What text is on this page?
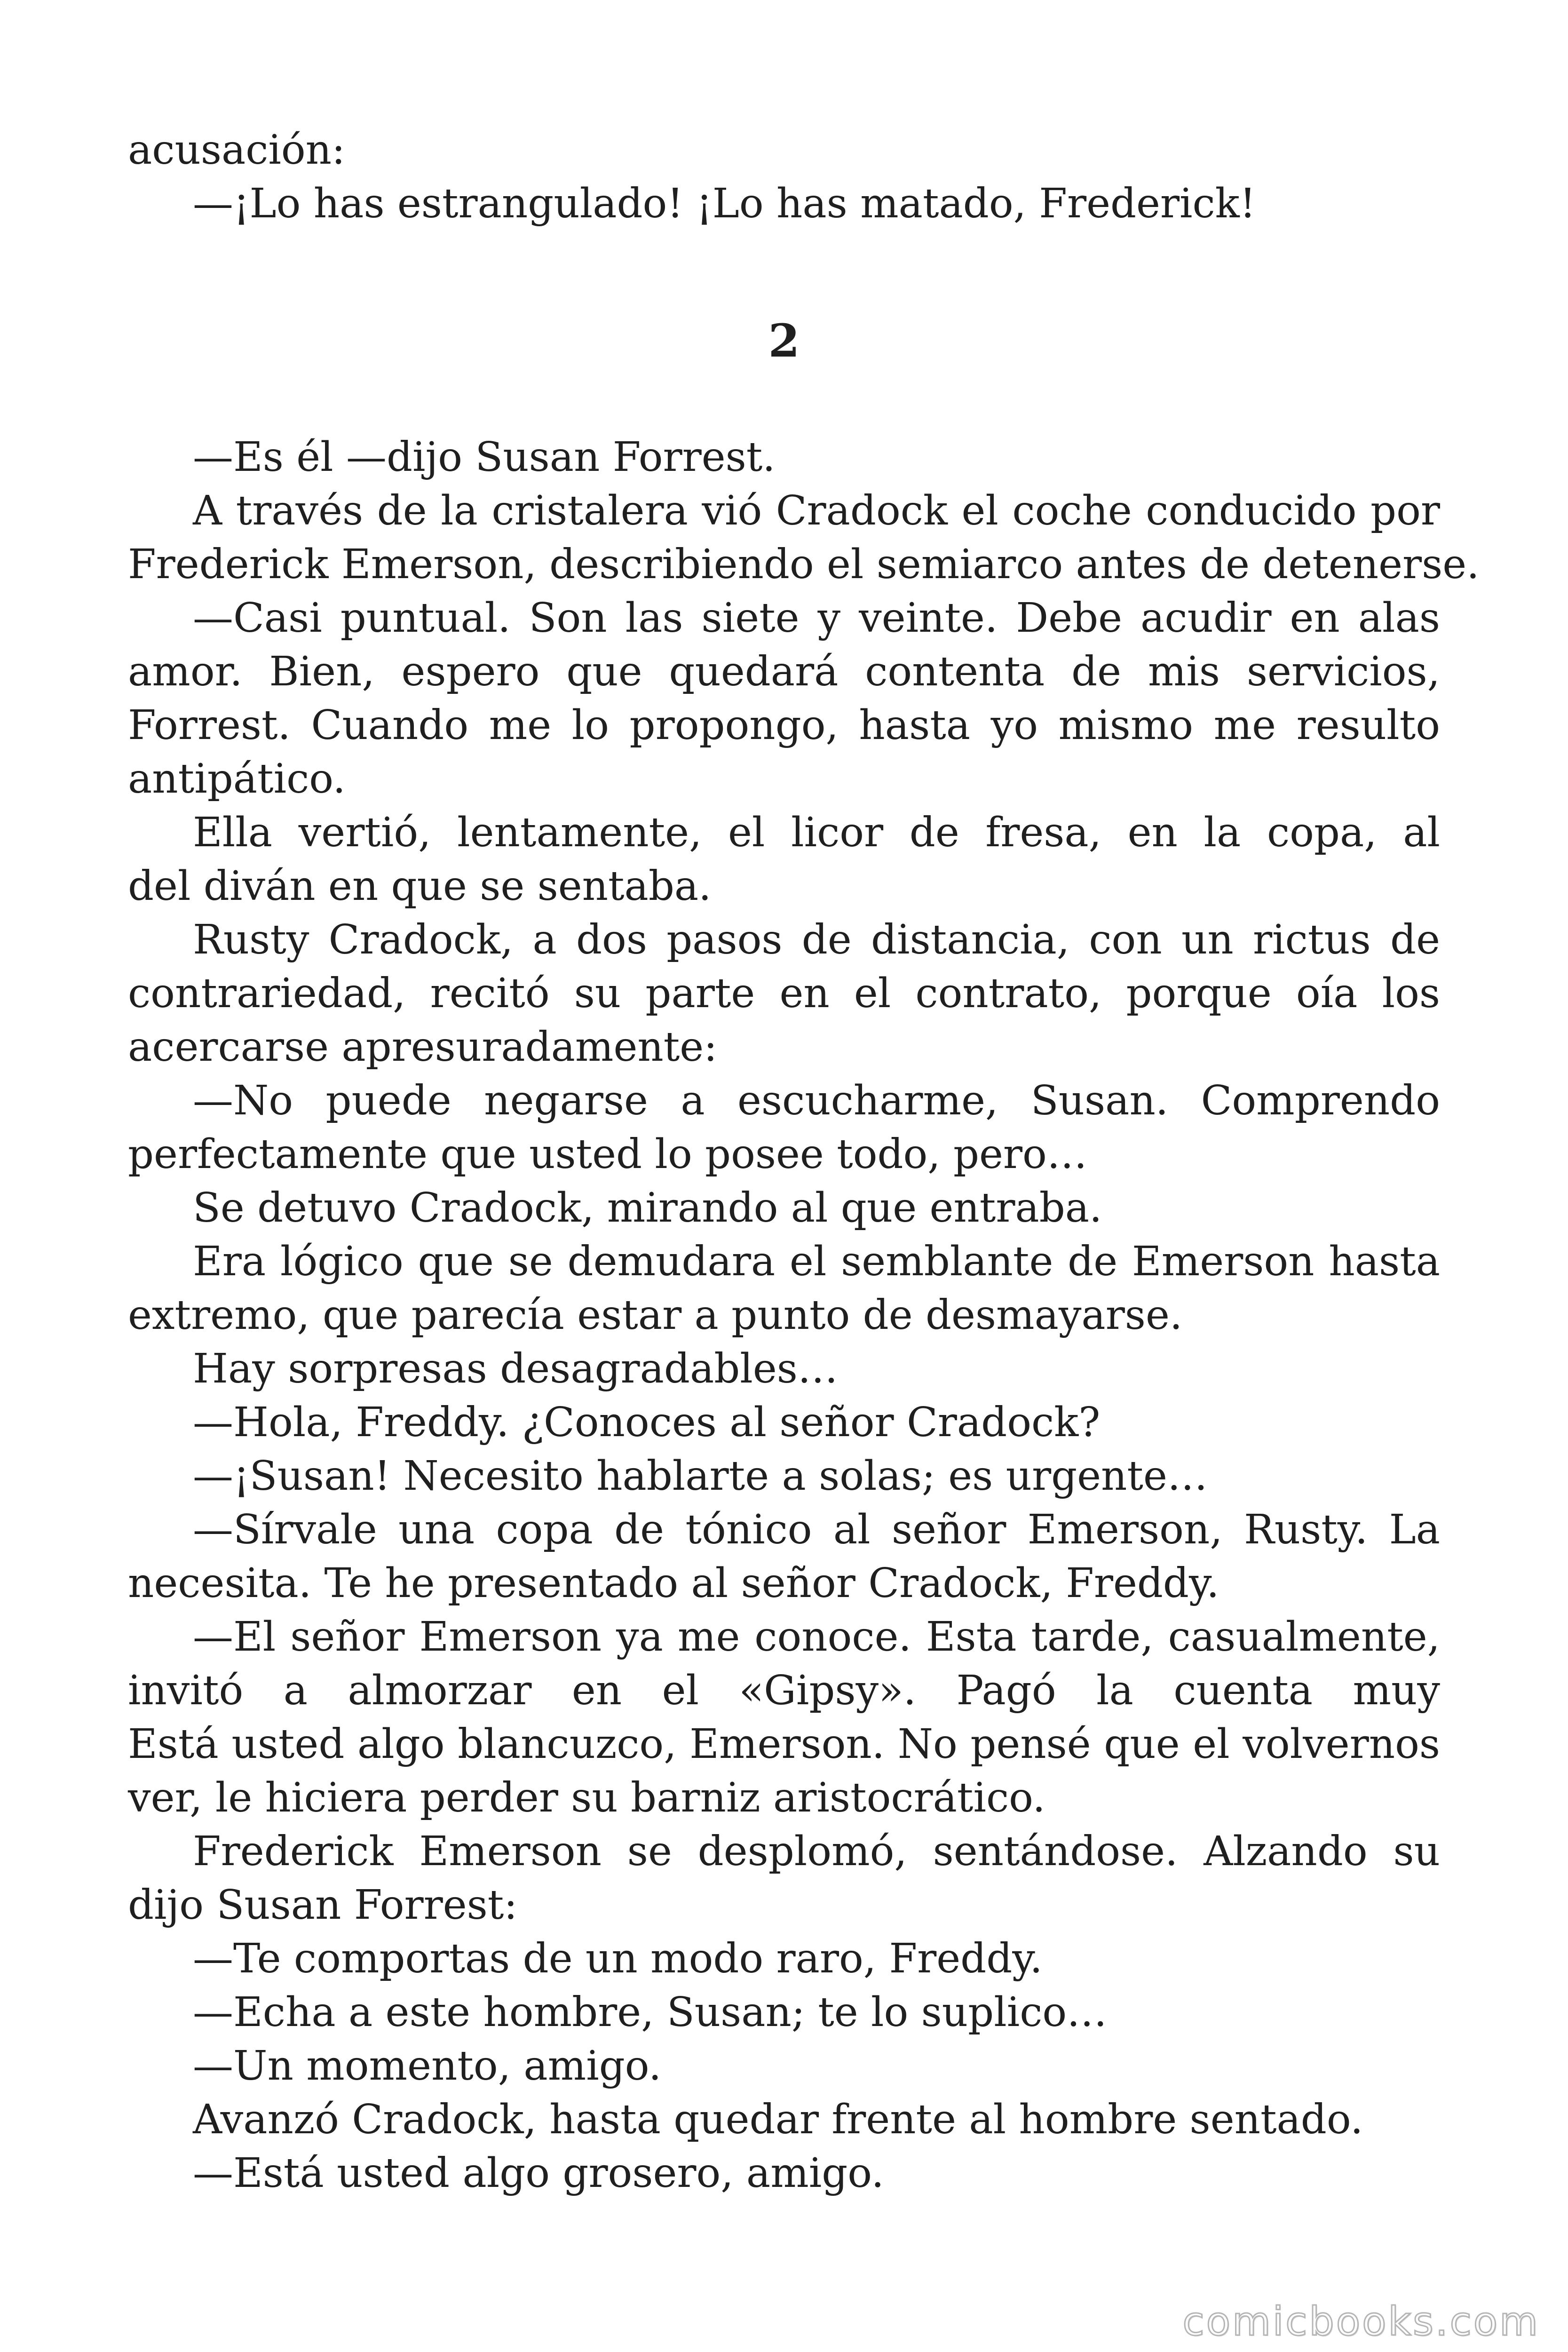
acusación:
—¡Lo has estrangulado! ¡Lo has matado, Frederick!
2
—Es él —dijo Susan Forrest.
A través de la cristalera vió Cradock el coche conducido por
Frederick Emerson, describiendo el semiarco antes de detenerse.
—Casi puntual. Son las siete y veinte. Debe acudir en alas
amor. Bien, espero que quedará contenta de mis servicios,
Forrest. Cuando me lo propongo, hasta yo mismo me resulto
antipático.
Ella vertió, lentamente, el licor de fresa, en la copa, al
del diván en que se sentaba.
Rusty Cradock, a dos pasos de distancia, con un rictus de
contrariedad, recitó su parte en el contrato, porque oía los
acercarse apresuradamente:
—No puede negarse a escucharme, Susan. Comprendo
perfectamente que usted lo posee todo, pero…
Se detuvo Cradock, mirando al que entraba.
Era lógico que se demudara el semblante de Emerson hasta
extremo, que parecía estar a punto de desmayarse.
Hay sorpresas desagradables…
—Hola, Freddy. ¿Conoces al señor Cradock?
—¡Susan! Necesito hablarte a solas; es urgente…
—Sírvale una copa de tónico al señor Emerson, Rusty. La
necesita. Te he presentado al señor Cradock, Freddy.
—El señor Emerson ya me conoce. Esta tarde, casualmente,
invitó a almorzar en el «Gipsy». Pagó la cuenta muy
Está usted algo blancuzco, Emerson. No pensé que el volvernos
ver, le hiciera perder su barniz aristocrático.
Frederick Emerson se desplomó, sentándose. Alzando su
dijo Susan Forrest:
—Te comportas de un modo raro, Freddy.
—Echa a este hombre, Susan; te lo suplico…
—Un momento, amigo.
Avanzó Cradock, hasta quedar frente al hombre sentado.
—Está usted algo grosero, amigo.
comicbooks.com
